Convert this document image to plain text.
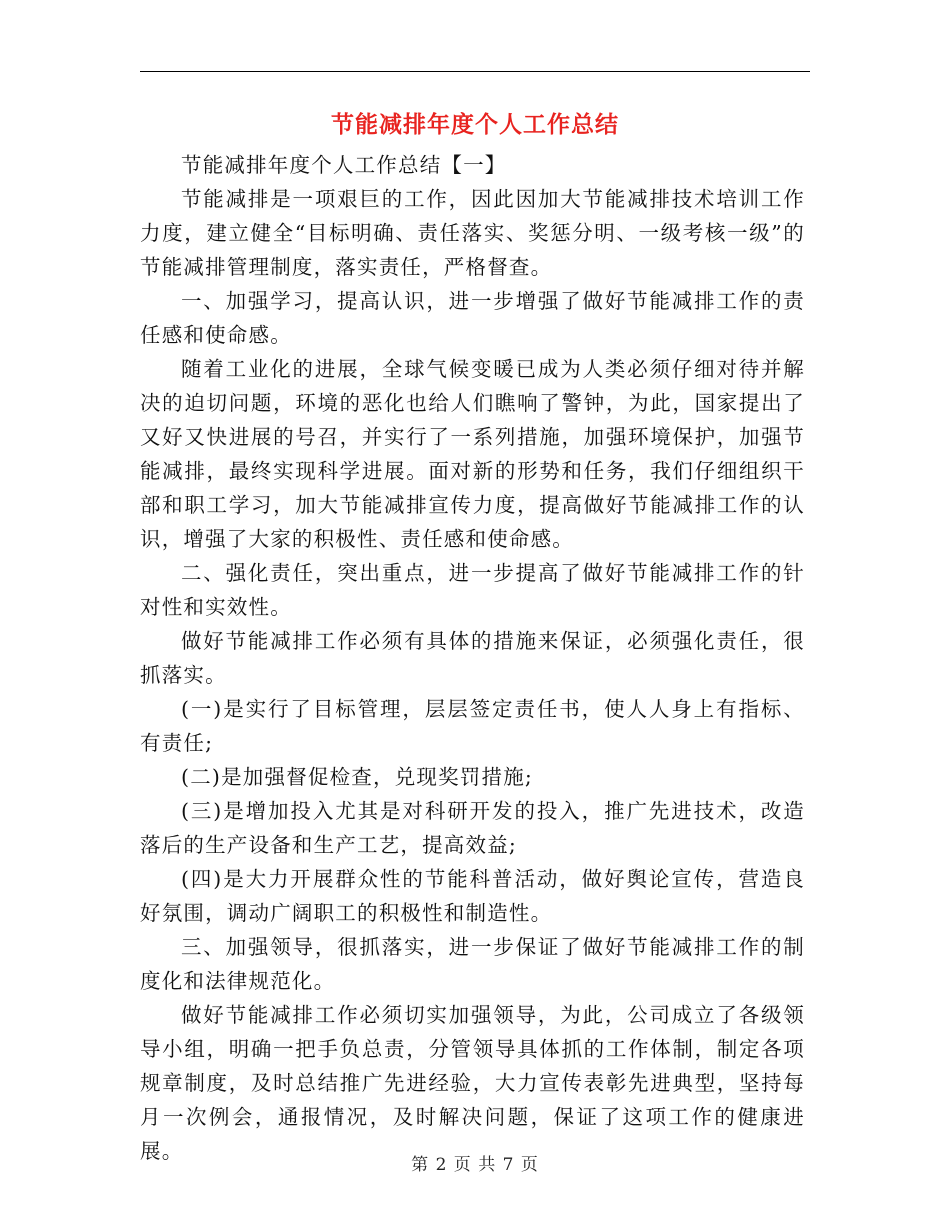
节能减排年度个人工作总结

节能减排年度个人工作总结【一】

节能减排是一项艰巨的工作，因此因加大节能减排技术培训工作力度，建立健全“目标明确、责任落实、奖惩分明、一级考核一级”的节能减排管理制度，落实责任，严格督查。

一、加强学习，提高认识，进一步增强了做好节能减排工作的责任感和使命感。

随着工业化的进展，全球气候变暖已成为人类必须仔细对待并解决的迫切问题，环境的恶化也给人们瞧响了警钟，为此，国家提出了又好又快进展的号召，并实行了一系列措施，加强环境保护，加强节能减排，最终实现科学进展。面对新的形势和任务，我们仔细组织干部和职工学习，加大节能减排宣传力度，提高做好节能减排工作的认识，增强了大家的积极性、责任感和使命感。

二、强化责任，突出重点，进一步提高了做好节能减排工作的针对性和实效性。

做好节能减排工作必须有具体的措施来保证，必须强化责任，很抓落实。

(一)是实行了目标管理，层层签定责任书，使人人身上有指标、有责任;

(二)是加强督促检查，兑现奖罚措施;

(三)是增加投入尤其是对科研开发的投入，推广先进技术，改造落后的生产设备和生产工艺，提高效益;

(四)是大力开展群众性的节能科普活动，做好舆论宣传，营造良好氛围，调动广阔职工的积极性和制造性。

三、加强领导，很抓落实，进一步保证了做好节能减排工作的制度化和法律规范化。

做好节能减排工作必须切实加强领导，为此，公司成立了各级领导小组，明确一把手负总责，分管领导具体抓的工作体制，制定各项规章制度，及时总结推广先进经验，大力宣传表彰先进典型，坚持每月一次例会，通报情况，及时解决问题，保证了这项工作的健康进展。

第 2 页 共 7 页
